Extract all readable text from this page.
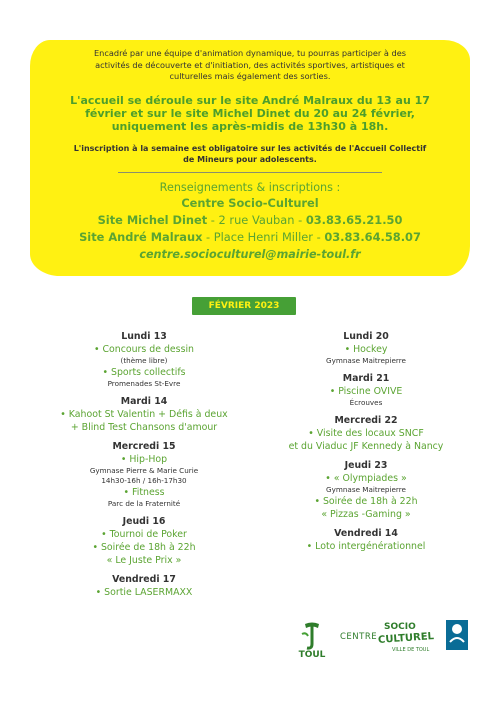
Encadré par une équipe d'animation dynamique, tu pourras participer à des
activités de découverte et d'initiation, des activités sportives, artistiques et
culturelles mais également des sorties.
L'accueil se déroule sur le site André Malraux du 13 au 17
février et sur le site Michel Dinet du 20 au 24 février,
uniquement les après-midis de 13h30 à 18h.
L'inscription à la semaine est obligatoire sur les activités de l'Accueil Collectif
de Mineurs pour adolescents.
Renseignements & inscriptions :
Centre Socio-Culturel
Site Michel Dinet - 2 rue Vauban - 03.83.65.21.50
Site André Malraux - Place Henri Miller - 03.83.64.58.07
centre.socioculturel@mairie-toul.fr
FÉVRIER 2023
Lundi 13
• Concours de dessin
(thème libre)
• Sports collectifs
Promenades St-Evre
Mardi 14
• Kahoot St Valentin + Défis à deux
+ Blind Test Chansons d'amour
Mercredi 15
• Hip-Hop
Gymnase Pierre & Marie Curie
14h30-16h / 16h-17h30
• Fitness
Parc de la Fraternité
Jeudi 16
• Tournoi de Poker
• Soirée de 18h à 22h
« Le Juste Prix »
Vendredi 17
• Sortie LASERMAXX
Lundi 20
• Hockey
Gymnase Maitrepierre
Mardi 21
• Piscine OVIVE
Écrouves
Mercredi 22
• Visite des locaux SNCF
et du Viaduc JF Kennedy à Nancy
Jeudi 23
• « Olympiades »
Gymnase Maitrepierre
• Soirée de 18h à 22h
« Pizzas -Gaming »
Vendredi 14
• Loto intergénérationnel
TOUL
CENTRE
SOCIO
CULTUREL
VILLE DE TOUL
